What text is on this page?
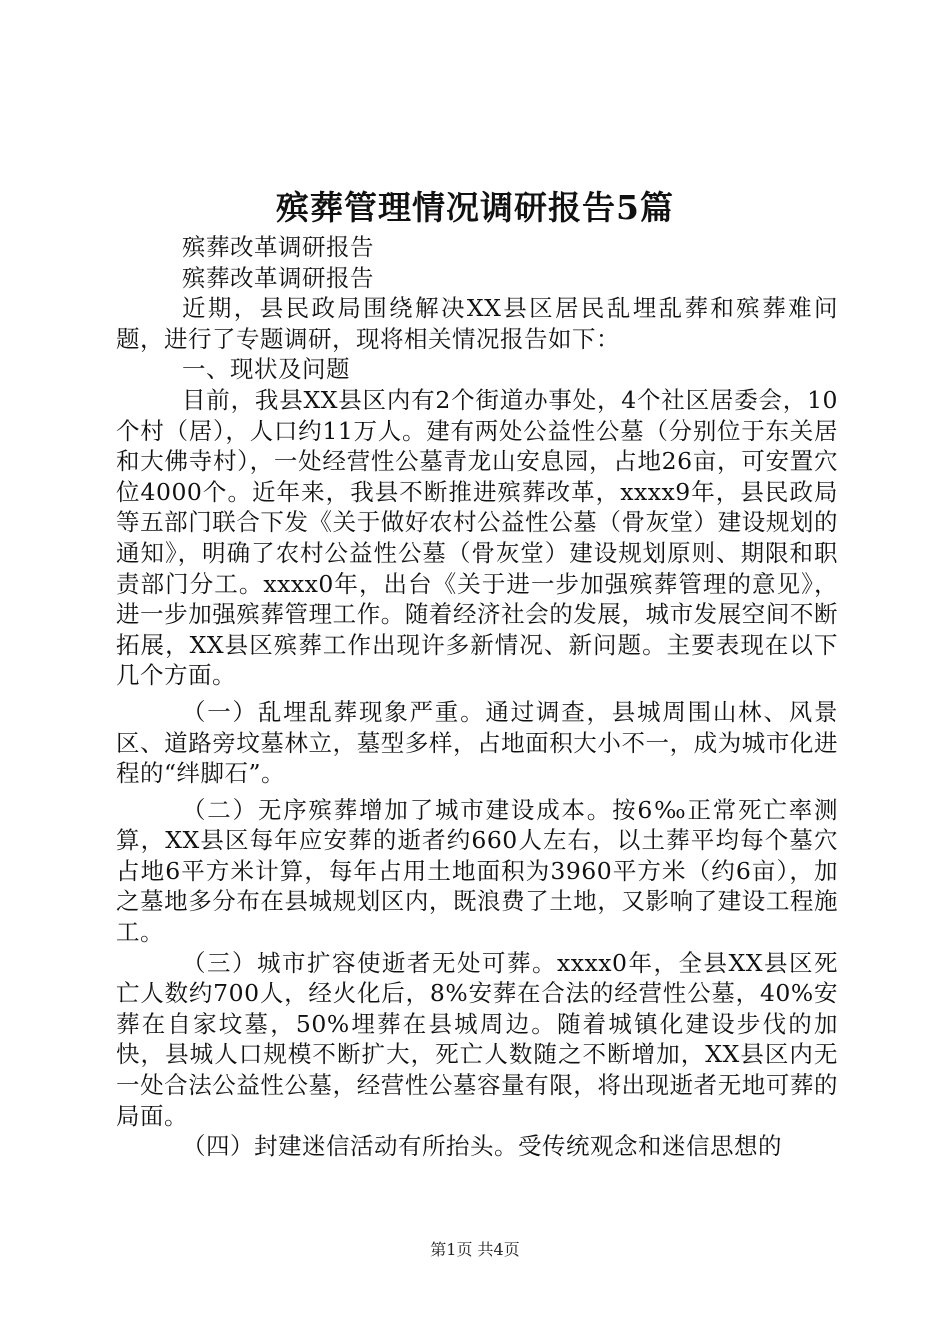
殡葬管理情况调研报告5篇

殡葬改革调研报告

殡葬改革调研报告

近期，县民政局围绕解决XX县区居民乱埋乱葬和殡葬难问题，进行了专题调研，现将相关情况报告如下：

一、现状及问题

目前，我县XX县区内有2个街道办事处，4个社区居委会，10个村（居），人口约11万人。建有两处公益性公墓（分别位于东关居和大佛寺村），一处经营性公墓青龙山安息园，占地26亩，可安置穴位4000个。近年来，我县不断推进殡葬改革，xxxx9年，县民政局等五部门联合下发《关于做好农村公益性公墓（骨灰堂）建设规划的通知》，明确了农村公益性公墓（骨灰堂）建设规划原则、期限和职责部门分工。xxxx0年，出台《关于进一步加强殡葬管理的意见》，进一步加强殡葬管理工作。随着经济社会的发展，城市发展空间不断拓展，XX县区殡葬工作出现许多新情况、新问题。主要表现在以下几个方面。

（一）乱埋乱葬现象严重。通过调查，县城周围山林、风景区、道路旁坟墓林立，墓型多样，占地面积大小不一，成为城市化进程的“绊脚石”。

（二）无序殡葬增加了城市建设成本。按6‰正常死亡率测算，XX县区每年应安葬的逝者约660人左右，以土葬平均每个墓穴占地6平方米计算，每年占用土地面积为3960平方米（约6亩），加之墓地多分布在县城规划区内，既浪费了土地，又影响了建设工程施工。

（三）城市扩容使逝者无处可葬。xxxx0年，全县XX县区死亡人数约700人，经火化后，8%安葬在合法的经营性公墓，40%安葬在自家坟墓，50%埋葬在县城周边。随着城镇化建设步伐的加快，县城人口规模不断扩大，死亡人数随之不断增加，XX县区内无一处合法公益性公墓，经营性公墓容量有限，将出现逝者无地可葬的局面。

（四）封建迷信活动有所抬头。受传统观念和迷信思想的

第1页 共4页
